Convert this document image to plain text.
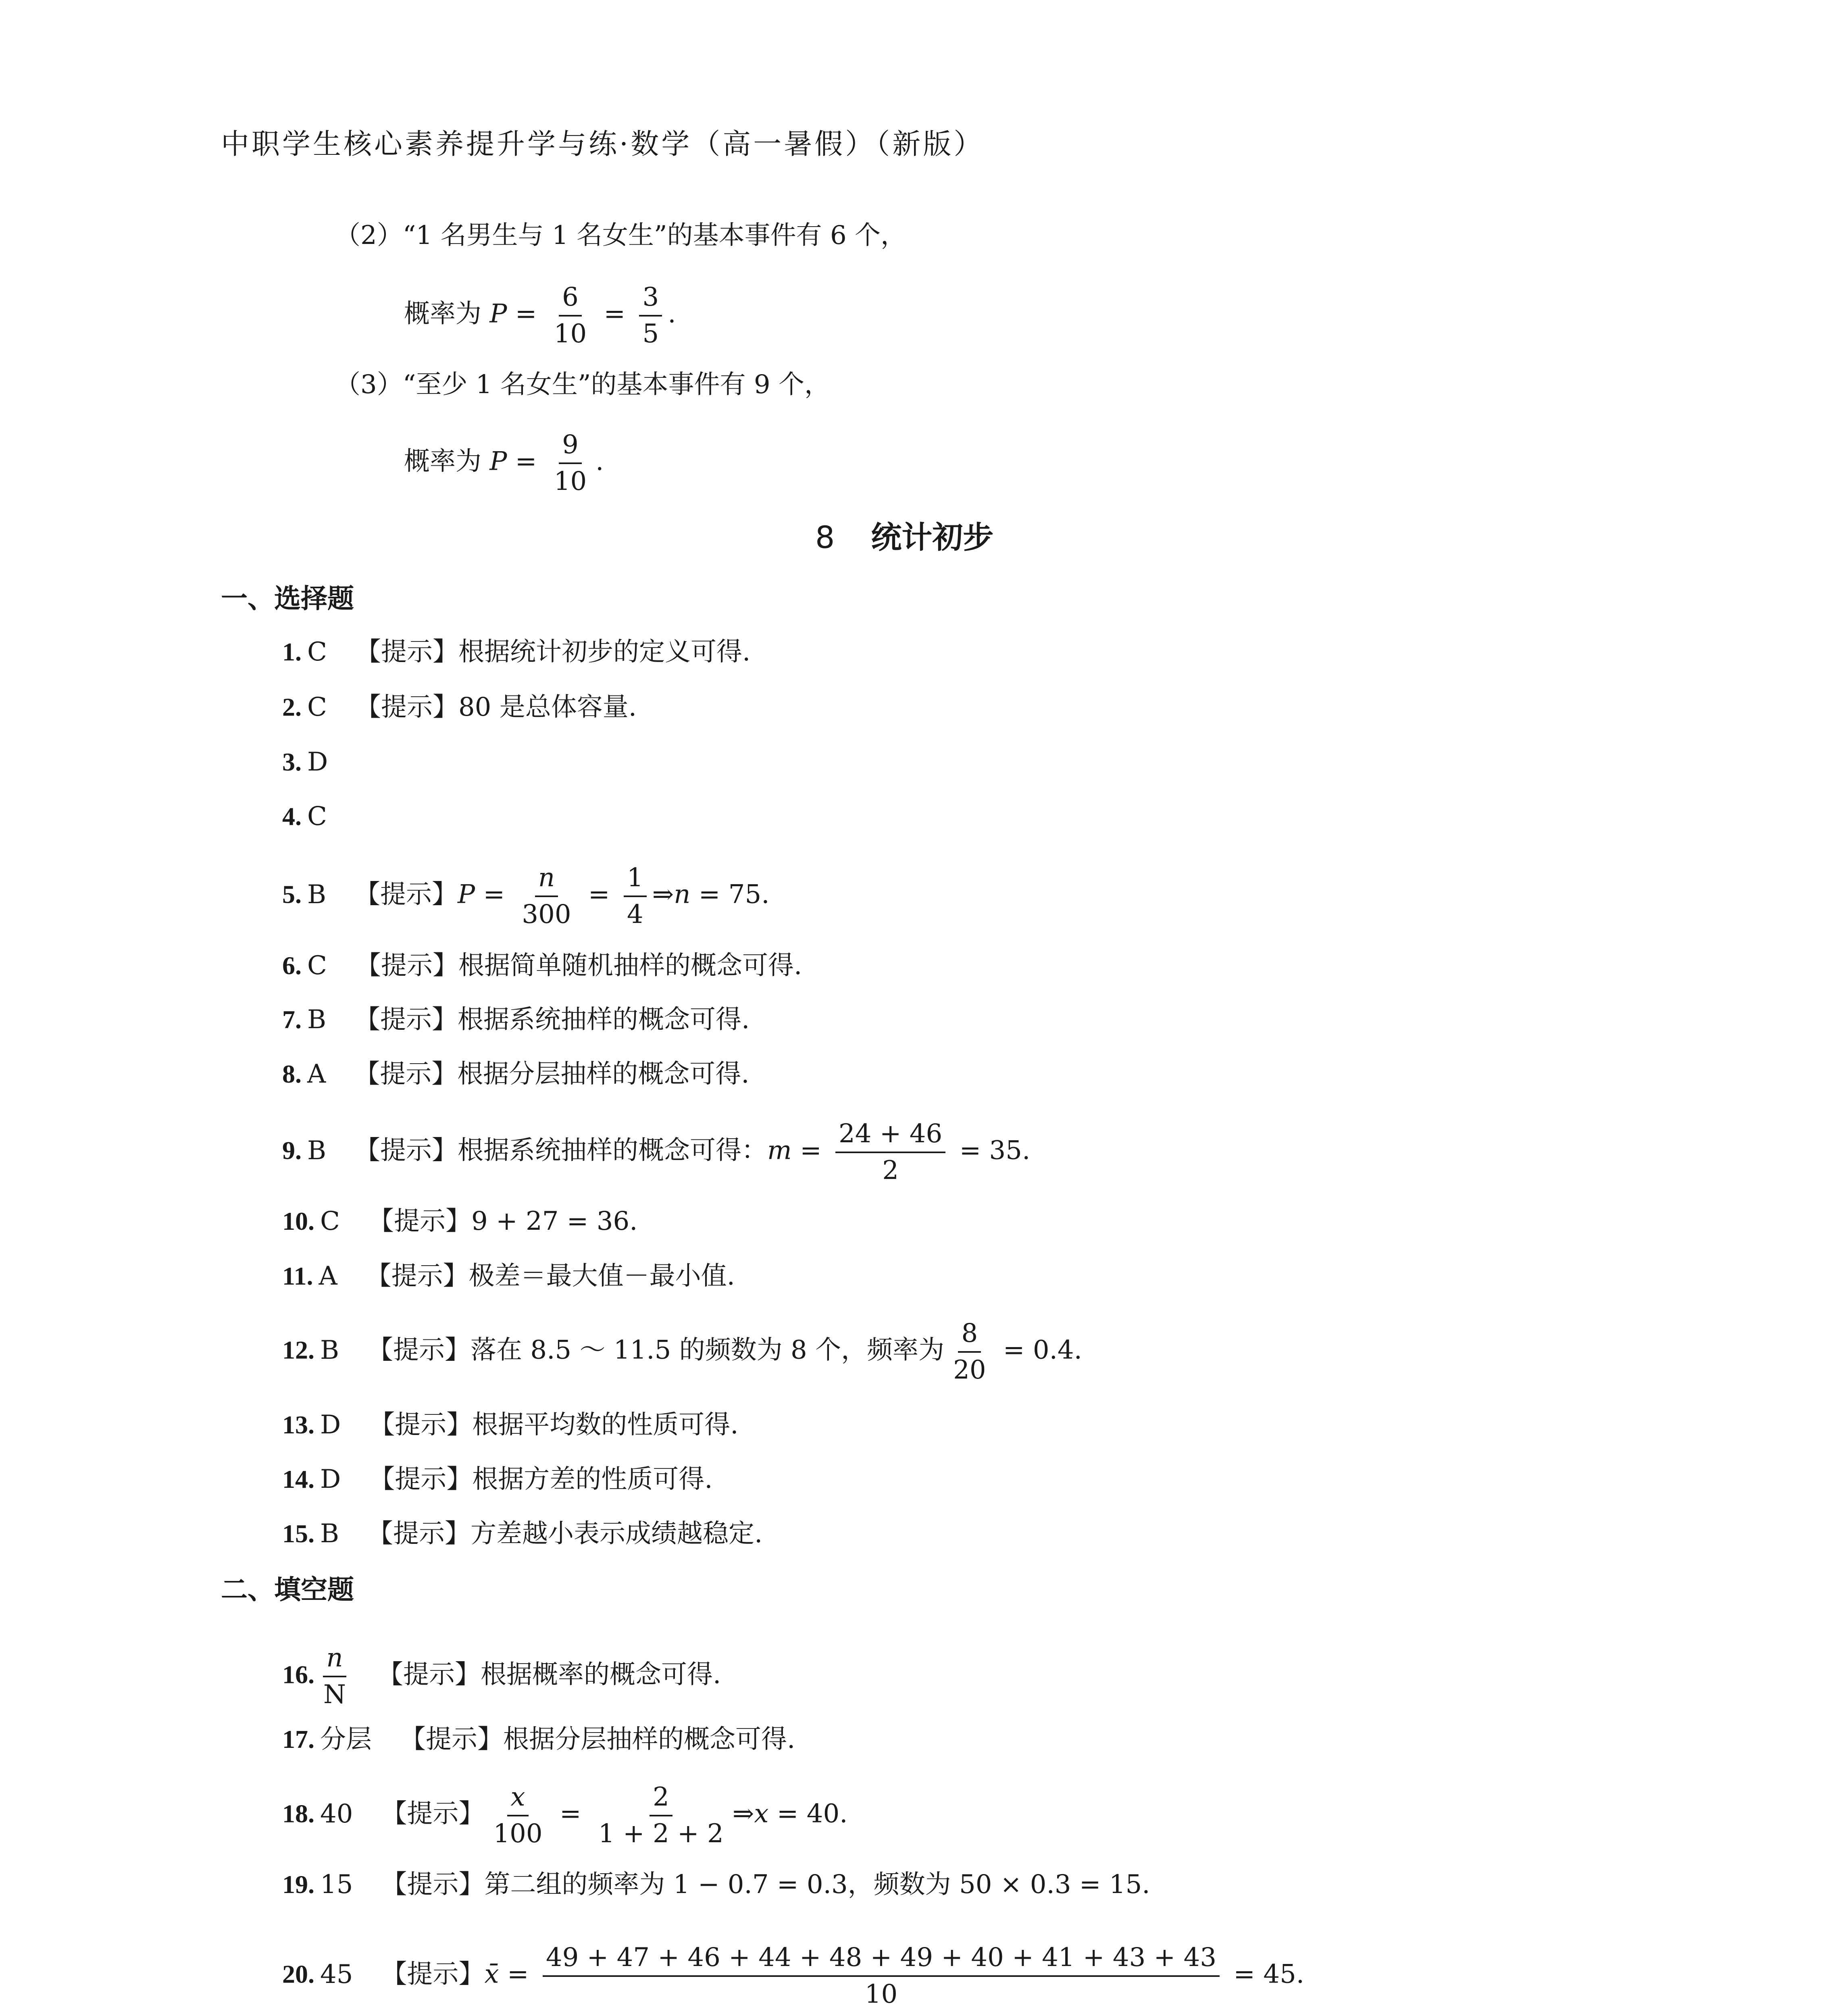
中职学生核心素养提升学与练·数学（高一暑假）（新版）
（2）“1 名男生与 1 名女生”的基本事件有 6 个，
概率为 $P = \frac{6}{10} = \frac{3}{5}$ .
（3）“至少 1 名女生”的基本事件有 9 个，
概率为 $P = \frac{9}{10}$ .
8 统计初步
一、选择题
1. C 【提示】根据统计初步的定义可得.
2. C 【提示】80 是总体容量.
3. D
4. C
5. B 【提示】$P = \frac{n}{300} = \frac{1}{4}$ ⇒n = 75.
6. C 【提示】根据简单随机抽样的概念可得.
7. B 【提示】根据系统抽样的概念可得.
8. A 【提示】根据分层抽样的概念可得.
9. B 【提示】根据系统抽样的概念可得：$m = \frac{24 + 46}{2} = 35$.
10. C 【提示】9 + 27 = 36.
11. A 【提示】极差＝最大值－最小值.
12. B 【提示】落在 8.5 ～ 11.5 的频数为 8 个，频率为 $\frac{8}{20} = 0.4$.
13. D 【提示】根据平均数的性质可得.
14. D 【提示】根据方差的性质可得.
15. B 【提示】方差越小表示成绩越稳定.
二、填空题
16. $\frac{n}{N}$ 【提示】根据概率的概念可得.
17. 分层 【提示】根据分层抽样的概念可得.
18. 40 【提示】 $\frac{x}{100} = \frac{2}{1 + 2 + 2}$ ⇒x = 40.
19. 15 【提示】第二组的频率为 1 − 0.7 = 0.3，频数为 50 × 0.3 = 15.
20. 45 【提示】x̄ = $\frac{49 + 47 + 46 + 44 + 48 + 49 + 40 + 41 + 43 + 43}{10} = 45$.
